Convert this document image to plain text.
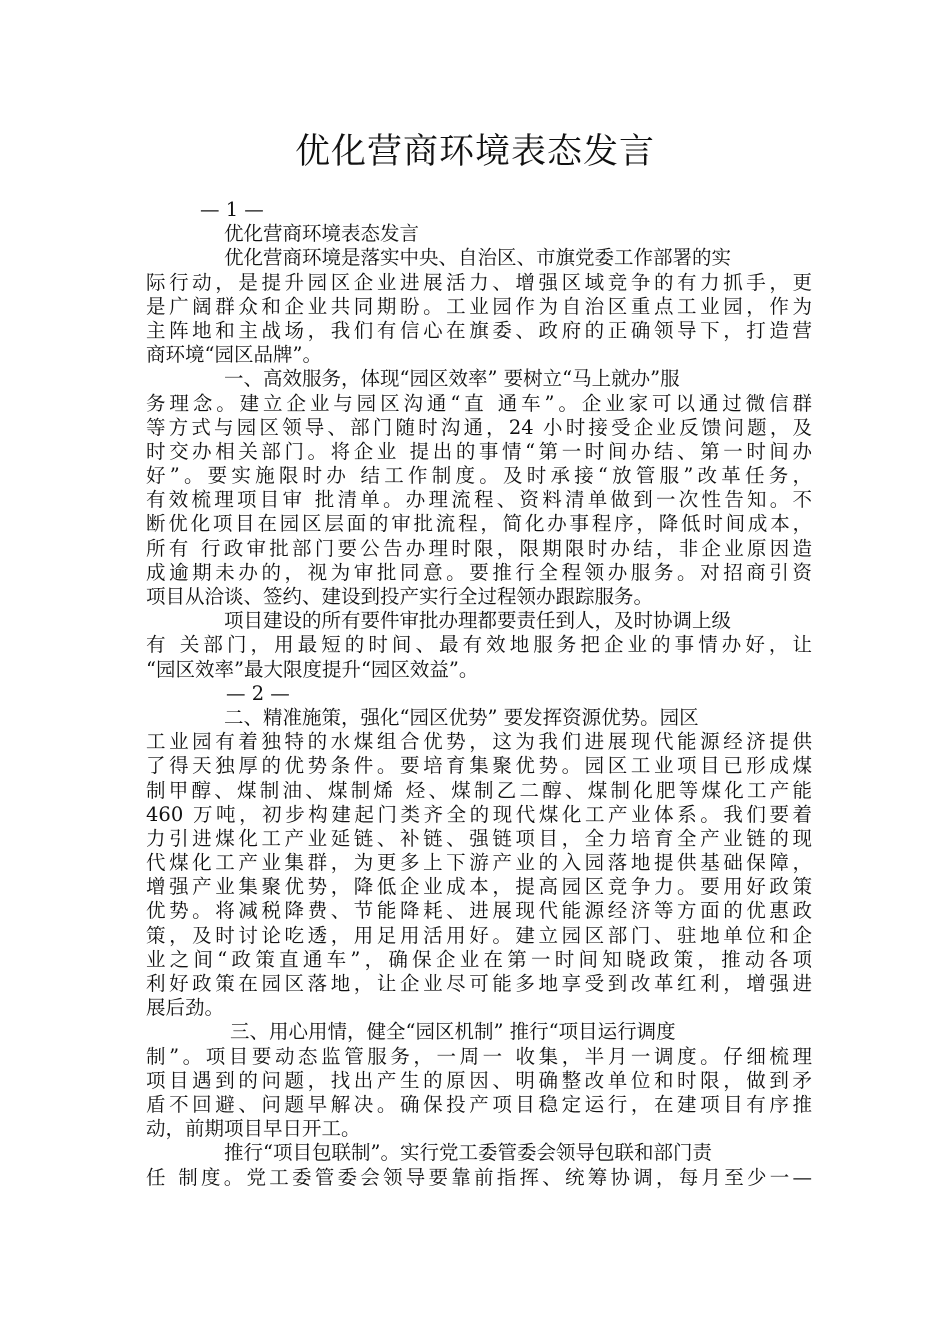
优化营商环境表态发言
— 1 —
优化营商环境表态发言
优化营商环境是落实中央、自治区、市旗党委工作部署的实
际行动，是提升园区企业进展活力、增强区域竞争的有力抓手，更
是广阔群众和企业共同期盼。工业园作为自治区重点工业园，作为
主阵地和主战场，我们有信心在旗委、政府的正确领导下，打造营
商环境“园区品牌”。
一、高效服务，体现“园区效率” 要树立“马上就办”服
务理念。建立企业与园区沟通“直 通车”。企业家可以通过微信群
等方式与园区领导、部门随时沟通，24 小时接受企业反馈问题，及
时交办相关部门。将企业 提出的事情“第一时间办结、第一时间办
好”。要实施限时办 结工作制度。及时承接“放管服”改革任务，
有效梳理项目审 批清单。办理流程、资料清单做到一次性告知。不
断优化项目在园区层面的审批流程，简化办事程序，降低时间成本，
所有 行政审批部门要公告办理时限，限期限时办结，非企业原因造
成逾期未办的，视为审批同意。要推行全程领办服务。对招商引资
项目从洽谈、签约、建设到投产实行全过程领办跟踪服务。
项目建设的所有要件审批办理都要责任到人，及时协调上级
有 关部门，用最短的时间、最有效地服务把企业的事情办好，让
“园区效率”最大限度提升“园区效益”。
— 2 —
二、精准施策，强化“园区优势” 要发挥资源优势。园区
工业园有着独特的水煤组合优势，这为我们进展现代能源经济提供
了得天独厚的优势条件。要培育集聚优势。园区工业项目已形成煤
制甲醇、煤制油、煤制烯 烃、煤制乙二醇、煤制化肥等煤化工产能
460 万吨，初步构建起门类齐全的现代煤化工产业体系。我们要着
力引进煤化工产业延链、补链、强链项目，全力培育全产业链的现
代煤化工产业集群，为更多上下游产业的入园落地提供基础保障，
增强产业集聚优势，降低企业成本，提高园区竞争力。要用好政策
优势。将减税降费、节能降耗、进展现代能源经济等方面的优惠政
策，及时讨论吃透，用足用活用好。建立园区部门、驻地单位和企
业之间“政策直通车”，确保企业在第一时间知晓政策，推动各项
利好政策在园区落地，让企业尽可能多地享受到改革红利，增强进
展后劲。
三、用心用情，健全“园区机制” 推行“项目运行调度
制”。项目要动态监管服务，一周一 收集，半月一调度。仔细梳理
项目遇到的问题，找出产生的原因、明确整改单位和时限，做到矛
盾不回避、问题早解决。确保投产项目稳定运行，在建项目有序推
动，前期项目早日开工。
推行“项目包联制”。实行党工委管委会领导包联和部门责
任 制度。党工委管委会领导要靠前指挥、统筹协调，每月至少一—
